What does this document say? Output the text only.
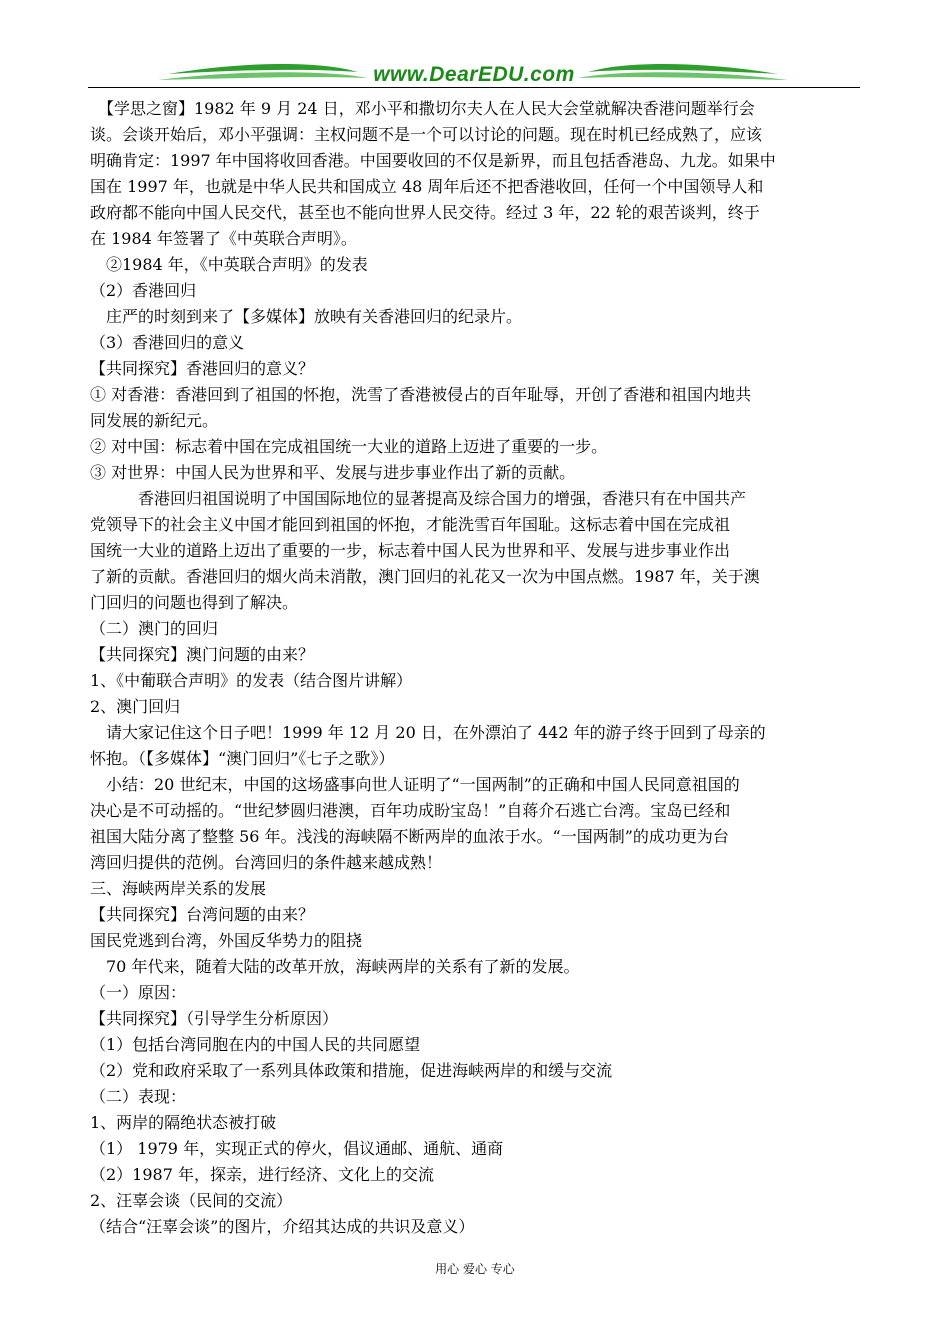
www.DearEDU.com
　【学思之窗】1982 年 9 月 24 日，邓小平和撒切尔夫人在人民大会堂就解决香港问题举行会
谈。会谈开始后，邓小平强调：主权问题不是一个可以讨论的问题。现在时机已经成熟了，应该
明确肯定：1997 年中国将收回香港。中国要收回的不仅是新界，而且包括香港岛、九龙。如果中
国在 1997 年，也就是中华人民共和国成立 48 周年后还不把香港收回，任何一个中国领导人和
政府都不能向中国人民交代，甚至也不能向世界人民交待。经过 3 年，22 轮的艰苦谈判，终于
在 1984 年签署了《中英联合声明》。
　②1984 年，《中英联合声明》的发表
（2）香港回归
　庄严的时刻到来了【多媒体】放映有关香港回归的纪录片。
（3）香港回归的意义
【共同探究】香港回归的意义？
① 对香港：香港回到了祖国的怀抱，洗雪了香港被侵占的百年耻辱，开创了香港和祖国内地共
同发展的新纪元。
② 对中国：标志着中国在完成祖国统一大业的道路上迈进了重要的一步。
③ 对世界：中国人民为世界和平、发展与进步事业作出了新的贡献。
　　　香港回归祖国说明了中国国际地位的显著提高及综合国力的增强，香港只有在中国共产
党领导下的社会主义中国才能回到祖国的怀抱，才能洗雪百年国耻。这标志着中国在完成祖
国统一大业的道路上迈出了重要的一步，标志着中国人民为世界和平、发展与进步事业作出
了新的贡献。香港回归的烟火尚未消散，澳门回归的礼花又一次为中国点燃。1987 年，关于澳
门回归的问题也得到了解决。
（二）澳门的回归
【共同探究】澳门问题的由来？
1、《中葡联合声明》的发表（结合图片讲解）
2、澳门回归
　请大家记住这个日子吧！1999 年 12 月 20 日，在外漂泊了 442 年的游子终于回到了母亲的
怀抱。（【多媒体】“澳门回归”《七子之歌》）
　小结：20 世纪末，中国的这场盛事向世人证明了“一国两制”的正确和中国人民同意祖国的
决心是不可动摇的。“世纪梦圆归港澳，百年功成盼宝岛！”自蒋介石逃亡台湾。宝岛已经和
祖国大陆分离了整整 56 年。浅浅的海峡隔不断两岸的血浓于水。“一国两制”的成功更为台
湾回归提供的范例。台湾回归的条件越来越成熟！
三、海峡两岸关系的发展
【共同探究】台湾问题的由来？
国民党逃到台湾，外国反华势力的阻挠
　70 年代来，随着大陆的改革开放，海峡两岸的关系有了新的发展。
（一）原因：
【共同探究】（引导学生分析原因）
（1）包括台湾同胞在内的中国人民的共同愿望
（2）党和政府采取了一系列具体政策和措施，促进海峡两岸的和缓与交流
（二）表现：
1、两岸的隔绝状态被打破
（1） 1979 年，实现正式的停火，倡议通邮、通航、通商
（2）1987 年，探亲，进行经济、文化上的交流
2、汪辜会谈（民间的交流）
（结合“汪辜会谈”的图片，介绍其达成的共识及意义）
用心 爱心 专心
